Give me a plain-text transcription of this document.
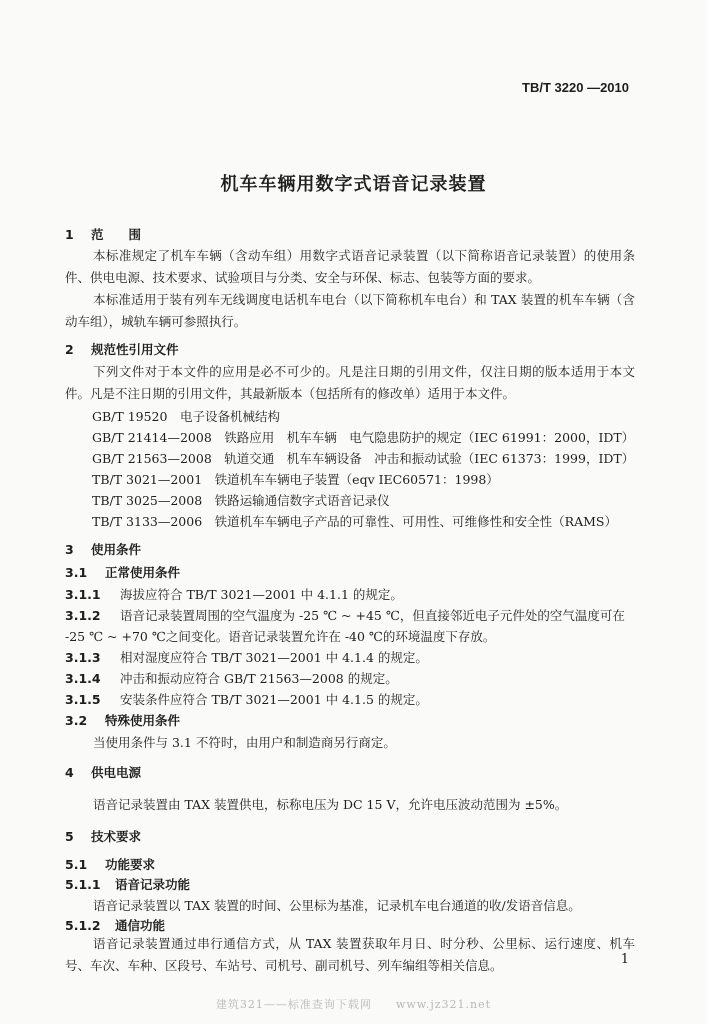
TB/T 3220 —2010
机车车辆用数字式语音记录装置
1 范　　围

本标准规定了机车车辆（含动车组）用数字式语音记录装置（以下简称语音记录装置）的使用条件、供电电源、技术要求、试验项目与分类、安全与环保、标志、包装等方面的要求。

本标准适用于装有列车无线调度电话机车电台（以下简称机车电台）和 TAX 装置的机车车辆（含动车组），城轨车辆可参照执行。

2 规范性引用文件

下列文件对于本文件的应用是必不可少的。凡是注日期的引用文件，仅注日期的版本适用于本文件。凡是不注日期的引用文件，其最新版本（包括所有的修改单）适用于本文件。

GB/T 19520　电子设备机械结构
GB/T 21414—2008　铁路应用　机车车辆　电气隐患防护的规定（IEC 61991：2000，IDT）
GB/T 21563—2008　轨道交通　机车车辆设备　冲击和振动试验（IEC 61373：1999，IDT）
TB/T 3021—2001　铁道机车车辆电子装置（eqv IEC60571：1998）
TB/T 3025—2008　铁路运输通信数字式语音记录仪
TB/T 3133—2006　铁道机车车辆电子产品的可靠性、可用性、可维修性和安全性（RAMS）
3 使用条件
3.1 正常使用条件
3.1.1 海拔应符合 TB/T 3021—2001 中 4.1.1 的规定。
3.1.2 语音记录装置周围的空气温度为 -25 ℃ ~ +45 ℃，但直接邻近电子元件处的空气温度可在
-25 ℃ ~ +70 ℃之间变化。语音记录装置允许在 -40 ℃的环境温度下存放。
3.1.3 相对湿度应符合 TB/T 3021—2001 中 4.1.4 的规定。
3.1.4 冲击和振动应符合 GB/T 21563—2008 的规定。
3.1.5 安装条件应符合 TB/T 3021—2001 中 4.1.5 的规定。
3.2 特殊使用条件
当使用条件与 3.1 不符时，由用户和制造商另行商定。
4 供电电源
语音记录装置由 TAX 装置供电，标称电压为 DC 15 V，允许电压波动范围为 ±5%。
5 技术要求
5.1 功能要求
5.1.1 语音记录功能
语音记录装置以 TAX 装置的时间、公里标为基准，记录机车电台通道的收/发语音信息。
5.1.2 通信功能

语音记录装置通过串行通信方式，从 TAX 装置获取年月日、时分秒、公里标、运行速度、机车号、车次、车种、区段号、车站号、司机号、副司机号、列车编组等相关信息。	1
建筑321——标准查询下载网　　www.jz321.net
